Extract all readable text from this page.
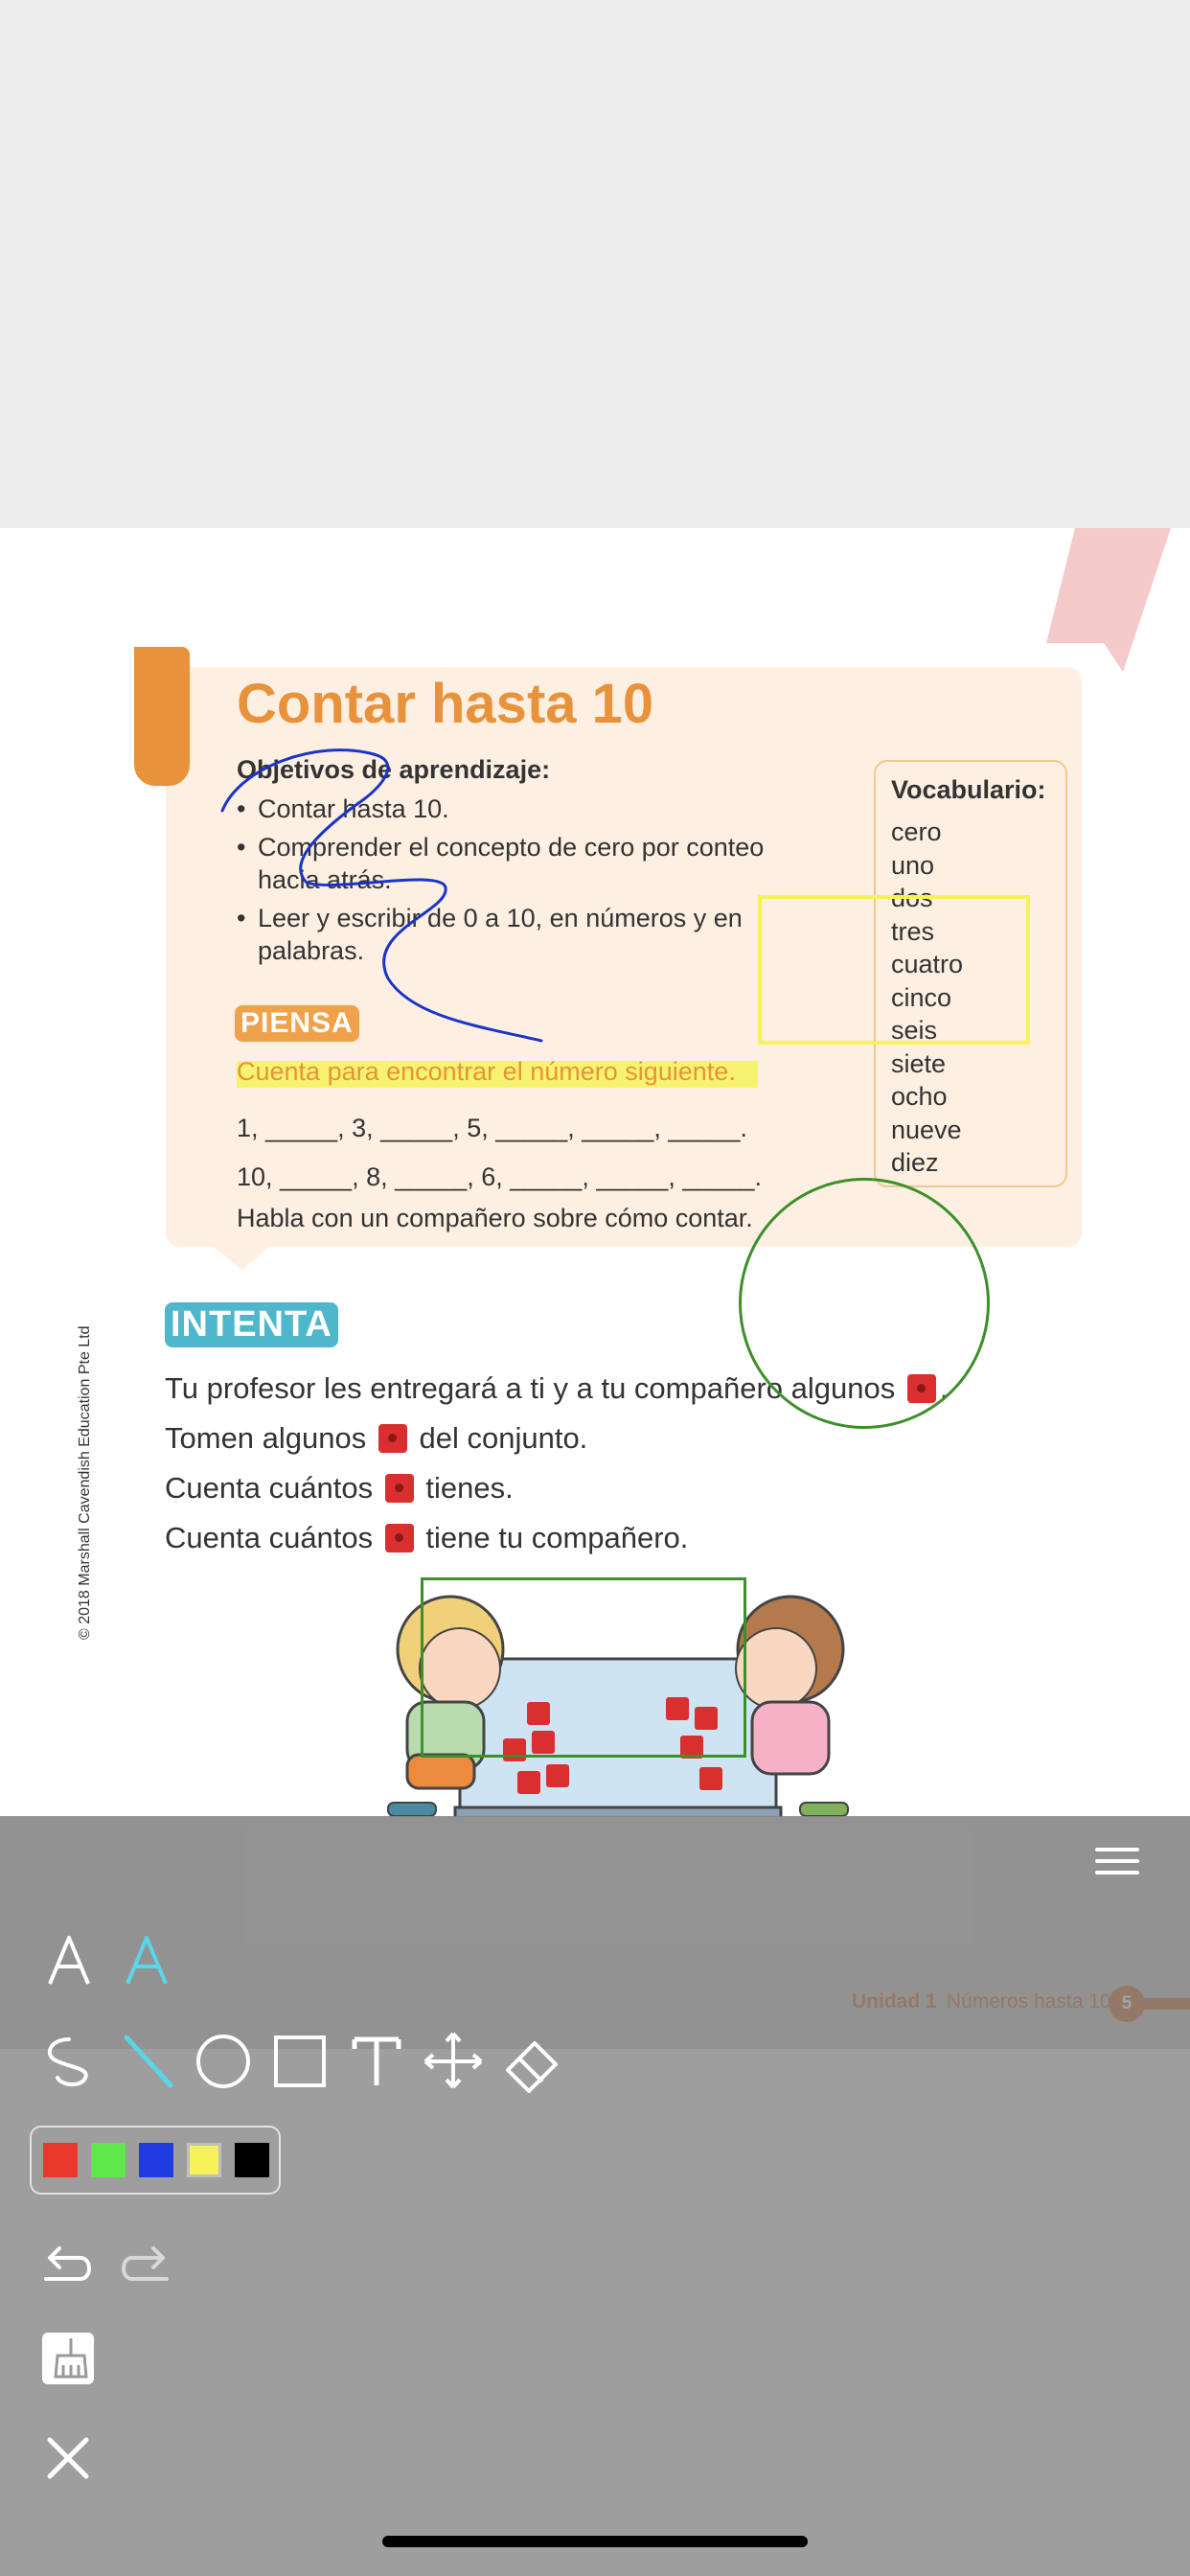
Contar hasta 10
Objetivos de aprendizaje:
• Contar hasta 10.
• Comprender el concepto de cero por conteo hacia atrás.
• Leer y escribir de 0 a 10, en números y en palabras.
Vocabulario:
cero
uno
dos
tres
cuatro
cinco
seis
siete
ocho
nueve
diez
PIENSA
Cuenta para encontrar el número siguiente.
1, _____, 3, _____, 5, _____, _____, _____.
10, _____, 8, _____, 6, _____, _____, _____.
Habla con un compañero sobre cómo contar.
INTENTA
Tu profesor les entregará a ti y a tu compañero algunos .
Tomen algunos del conjunto.
Cuenta cuántos tienes.
Cuenta cuántos tiene tu compañero.
© 2018 Marshall Cavendish Education Pte Ltd
